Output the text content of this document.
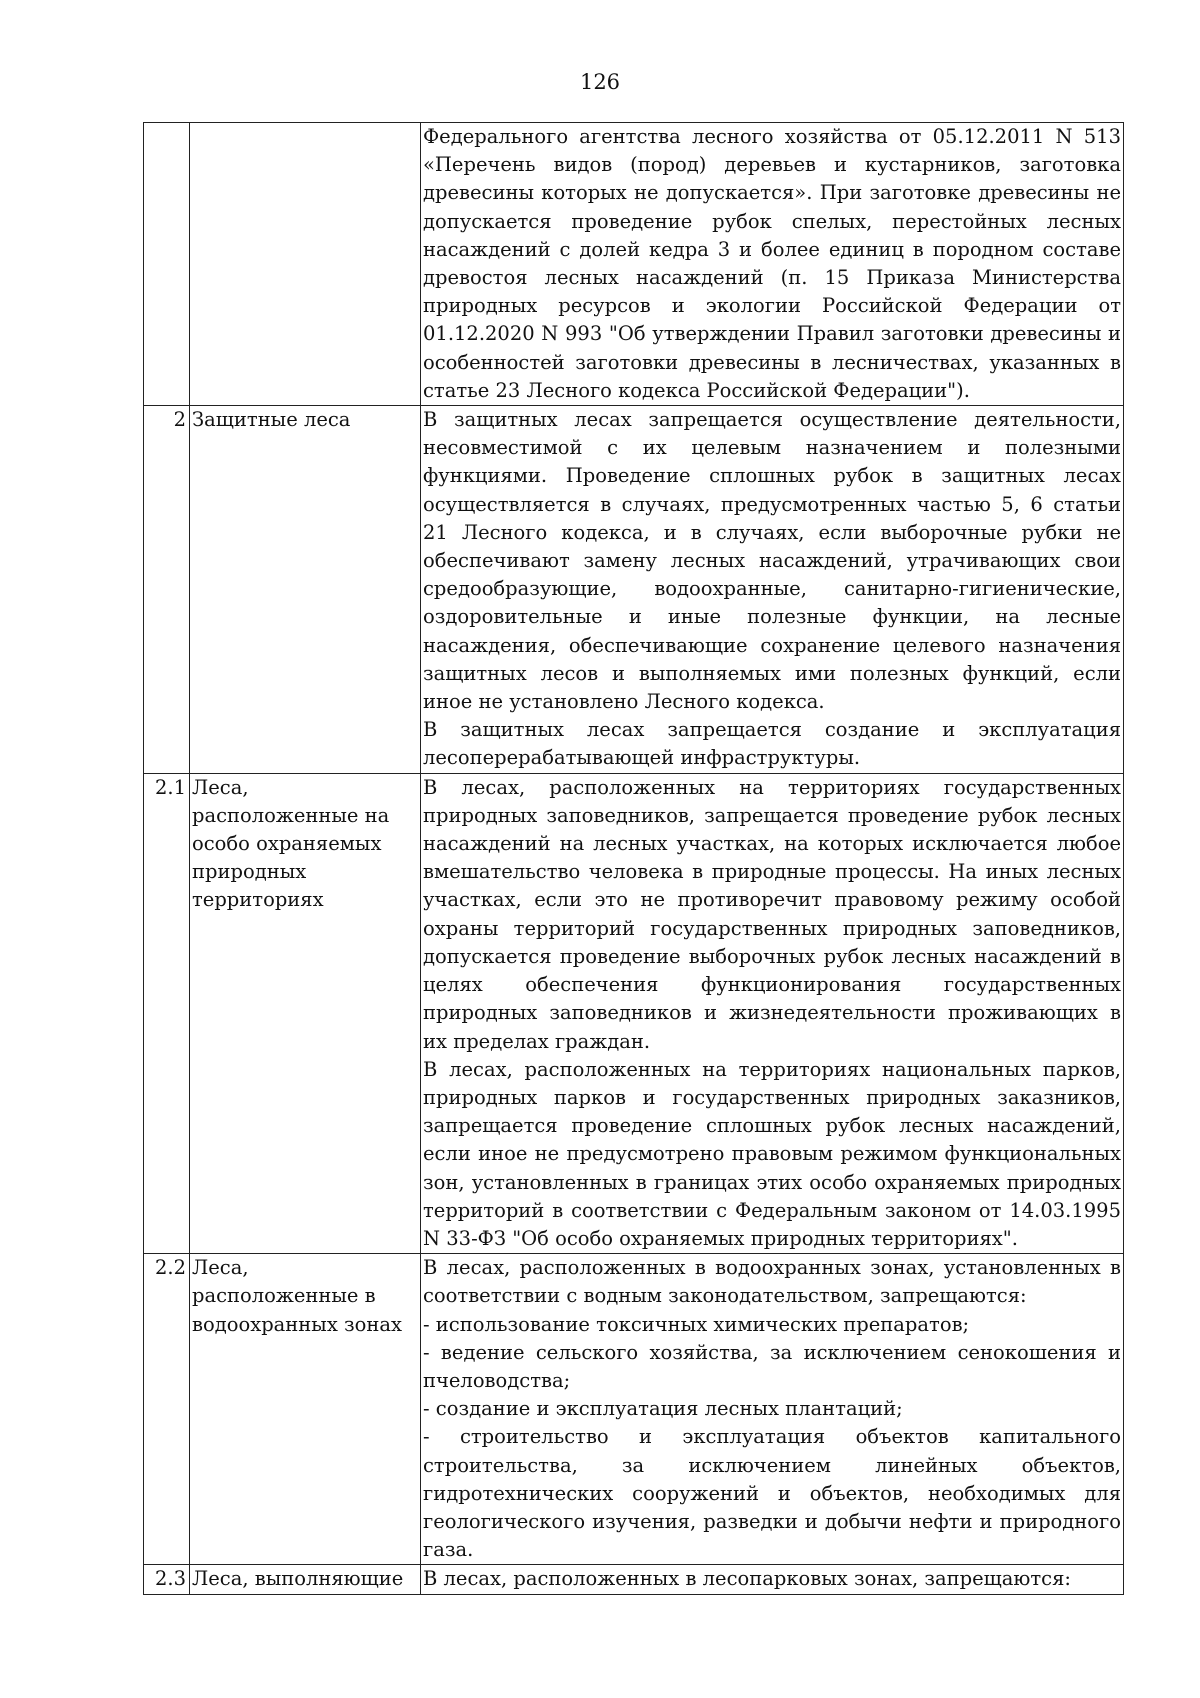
126

		Федерального агентства лесного хозяйства от 05.12.2011 N 513 «Перечень видов (пород) деревьев и кустарников, заготовка древесины которых не допускается». При заготовке древесины не допускается проведение рубок спелых, перестойных лесных насаждений с долей кедра 3 и более единиц в породном составе древостоя лесных насаждений (п. 15 Приказа Министерства природных ресурсов и экологии Российской Федерации от 01.12.2020 N 993 "Об утверждении Правил заготовки древесины и особенностей заготовки древесины в лесничествах, указанных в статье 23 Лесного кодекса Российской Федерации").

2	Защитные леса	В защитных лесах запрещается осуществление деятельности, несовместимой с их целевым назначением и полезными функциями. Проведение сплошных рубок в защитных лесах осуществляется в случаях, предусмотренных частью 5, 6 статьи 21 Лесного кодекса, и в случаях, если выборочные рубки не обеспечивают замену лесных насаждений, утрачивающих свои средообразующие, водоохранные, санитарно-гигиенические, оздоровительные и иные полезные функции, на лесные насаждения, обеспечивающие сохранение целевого назначения защитных лесов и выполняемых ими полезных функций, если иное не установлено Лесного кодекса.
В защитных лесах запрещается создание и эксплуатация лесоперерабатывающей инфраструктуры.

2.1	Леса, расположенные на особо охраняемых природных территориях	В лесах, расположенных на территориях государственных природных заповедников, запрещается проведение рубок лесных насаждений на лесных участках, на которых исключается любое вмешательство человека в природные процессы. На иных лесных участках, если это не противоречит правовому режиму особой охраны территорий государственных природных заповедников, допускается проведение выборочных рубок лесных насаждений в целях обеспечения функционирования государственных природных заповедников и жизнедеятельности проживающих в их пределах граждан.
В лесах, расположенных на территориях национальных парков, природных парков и государственных природных заказников, запрещается проведение сплошных рубок лесных насаждений, если иное не предусмотрено правовым режимом функциональных зон, установленных в границах этих особо охраняемых природных территорий в соответствии с Федеральным законом от 14.03.1995 N 33-ФЗ "Об особо охраняемых природных территориях".

2.2	Леса, расположенные в водоохранных зонах	В лесах, расположенных в водоохранных зонах, установленных в соответствии с водным законодательством, запрещаются:
- использование токсичных химических препаратов;
- ведение сельского хозяйства, за исключением сенокошения и пчеловодства;
- создание и эксплуатация лесных плантаций;
- строительство и эксплуатация объектов капитального строительства, за исключением линейных объектов, гидротехнических сооружений и объектов, необходимых для геологического изучения, разведки и добычи нефти и природного газа.

2.3	Леса, выполняющие	В лесах, расположенных в лесопарковых зонах, запрещаются:
